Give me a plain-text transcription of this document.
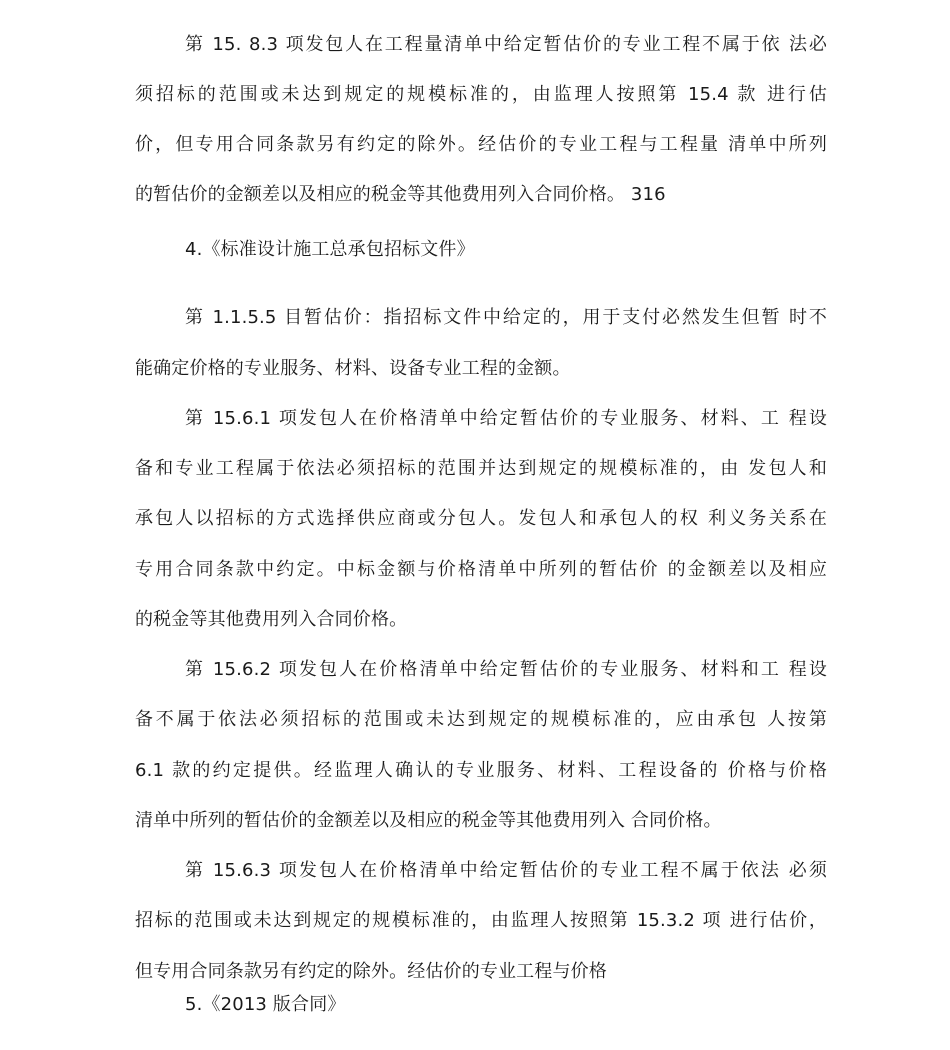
第 15. 8.3 项发包人在工程量清单中给定暂估价的专业工程不属于依 法必
须招标的范围或未达到规定的规模标准的，由监理人按照第 15.4 款 进行估
价，但专用合同条款另有约定的除外。经估价的专业工程与工程量 清单中所列
的暂估价的金额差以及相应的税金等其他费用列入合同价格。 316
4.《标准设计施工总承包招标文件》
第 1.1.5.5 目暂估价：指招标文件中给定的，用于支付必然发生但暂 时不
能确定价格的专业服务、材料、设备专业工程的金额。
第 15.6.1 项发包人在价格清单中给定暂估价的专业服务、材料、工 程设
备和专业工程属于依法必须招标的范围并达到规定的规模标准的，由 发包人和
承包人以招标的方式选择供应商或分包人。发包人和承包人的权 利义务关系在
专用合同条款中约定。中标金额与价格清单中所列的暂估价 的金额差以及相应
的税金等其他费用列入合同价格。
第 15.6.2 项发包人在价格清单中给定暂估价的专业服务、材料和工 程设
备不属于依法必须招标的范围或未达到规定的规模标准的，应由承包 人按第
6.1 款的约定提供。经监理人确认的专业服务、材料、工程设备的 价格与价格
清单中所列的暂估价的金额差以及相应的税金等其他费用列入 合同价格。
第 15.6.3 项发包人在价格清单中给定暂估价的专业工程不属于依法 必须
招标的范围或未达到规定的规模标准的，由监理人按照第 15.3.2 项 进行估价，
但专用合同条款另有约定的除外。经估价的专业工程与价格
5.《2013 版合同》
